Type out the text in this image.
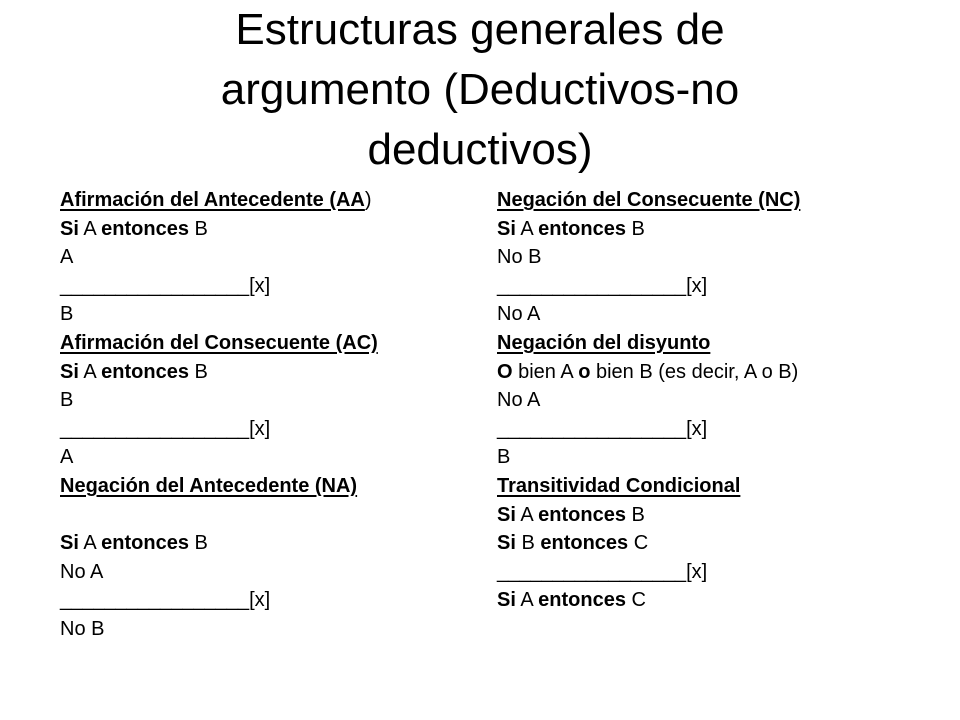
Estructuras generales de
argumento (Deductivos-no
deductivos)
Afirmación del Antecedente (AA)
Si A entonces B
A
_________________[x]
B
Afirmación del Consecuente (AC)
Si A entonces B
B
_________________[x]
A
Negación del Antecedente (NA)
Si A entonces B
No A
_________________[x]
No B
Negación del Consecuente (NC)
Si A entonces B
No B
_________________[x]
No A
Negación del disyunto
O bien A o bien B (es decir, A o B)
No A
_________________[x]
B
Transitividad Condicional
Si A entonces B
Si B entonces C
_________________[x]
Si A entonces C
